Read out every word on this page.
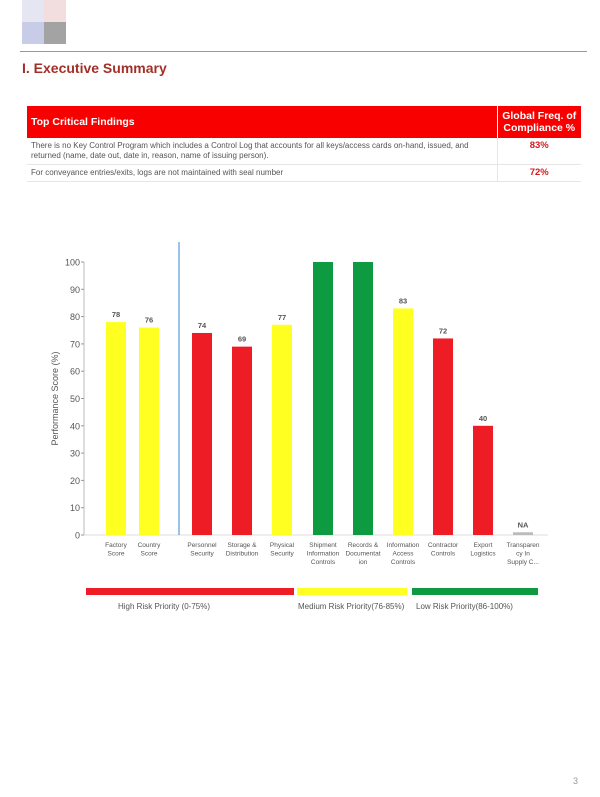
I. Executive Summary
Top Critical Findings	Global Freq. of Compliance %
There is no Key Control Program which includes a Control Log that accounts for all keys/access cards on-hand, issued, and returned (name, date out, date in, reason, name of issuing person).	83%
For conveyance entries/exits, logs are not maintained with seal number	72%
0
10
20
30
40
50
60
70
80
90
100
Performance Score (%)
78
Factory
Score
76
Country
Score
74
Personnel
Security
69
Storage &
Distribution
77
Physical
Security
Shipment
Information
Controls
Records &
Documentat
ion
83
Information
Access
Controls
72
Contractor
Controls
40
Export
Logistics
NA
Transparen
cy In
Supply C...
High Risk Priority (0-75%)	Medium Risk Priority(76-85%) Low Risk Priority(86-100%)
3
